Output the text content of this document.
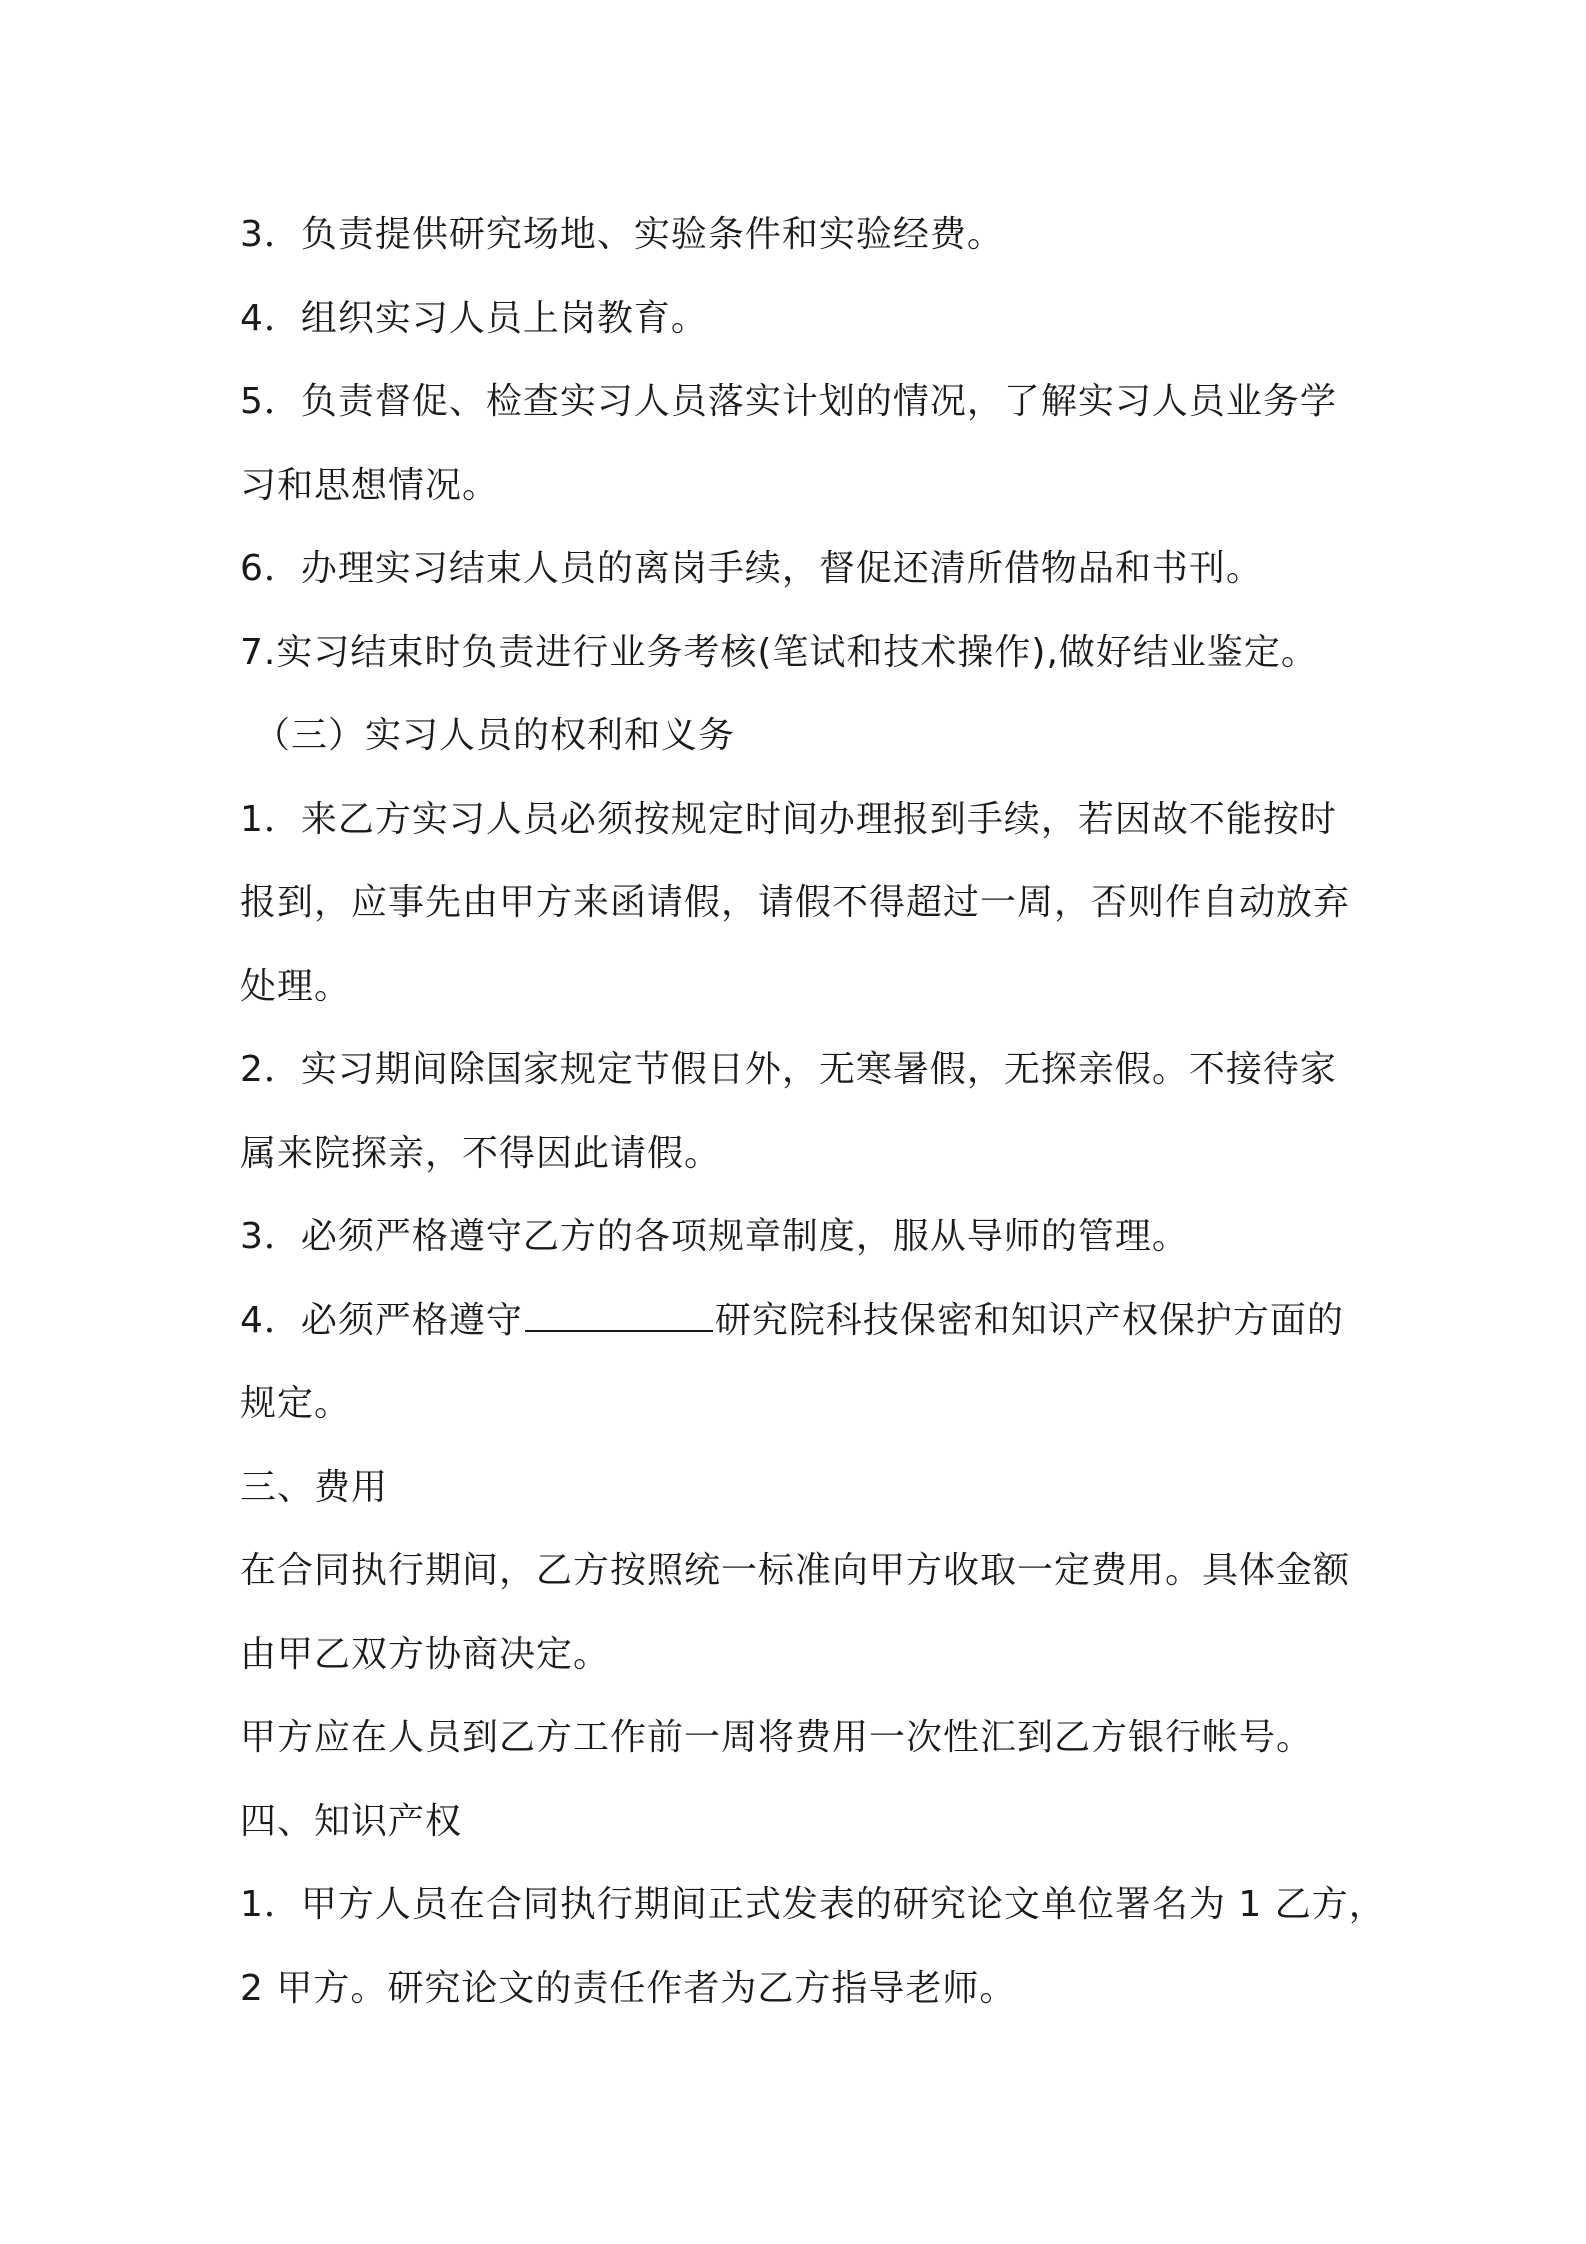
3．负责提供研究场地、实验条件和实验经费。
4．组织实习人员上岗教育。
5．负责督促、检查实习人员落实计划的情况，了解实习人员业务学
习和思想情况。
6．办理实习结束人员的离岗手续，督促还清所借物品和书刊。
7.实习结束时负责进行业务考核(笔试和技术操作),做好结业鉴定。
（三）实习人员的权利和义务
1．来乙方实习人员必须按规定时间办理报到手续，若因故不能按时
报到，应事先由甲方来函请假，请假不得超过一周，否则作自动放弃
处理。
2．实习期间除国家规定节假日外，无寒暑假，无探亲假。不接待家
属来院探亲，不得因此请假。
3．必须严格遵守乙方的各项规章制度，服从导师的管理。
4．必须严格遵守	研究院科技保密和知识产权保护方面的
规定。
三、费用
在合同执行期间，乙方按照统一标准向甲方收取一定费用。具体金额
由甲乙双方协商决定。
甲方应在人员到乙方工作前一周将费用一次性汇到乙方银行帐号。
四、知识产权
1．甲方人员在合同执行期间正式发表的研究论文单位署名为 1 乙方，
2 甲方。研究论文的责任作者为乙方指导老师。
